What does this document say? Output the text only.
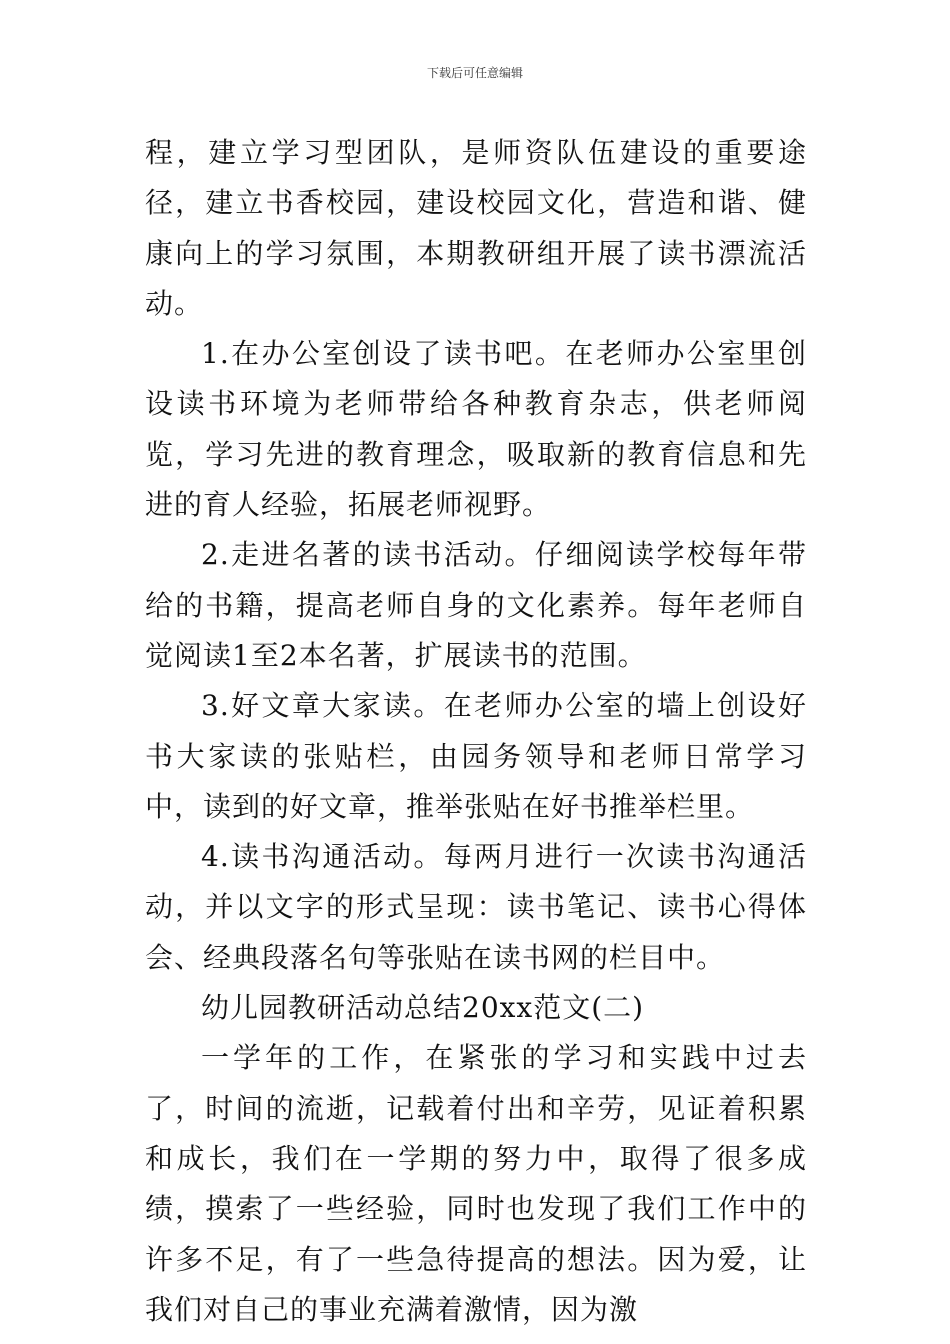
下载后可任意编辑

程，建立学习型团队，是师资队伍建设的重要途径，建立书香校园，建设校园文化，营造和谐、健康向上的学习氛围，本期教研组开展了读书漂流活动。

1.在办公室创设了读书吧。在老师办公室里创设读书环境为老师带给各种教育杂志，供老师阅览，学习先进的教育理念，吸取新的教育信息和先进的育人经验，拓展老师视野。

2.走进名著的读书活动。仔细阅读学校每年带给的书籍，提高老师自身的文化素养。每年老师自觉阅读1至2本名著，扩展读书的范围。

3.好文章大家读。在老师办公室的墙上创设好书大家读的张贴栏，由园务领导和老师日常学习中，读到的好文章，推举张贴在好书推举栏里。

4.读书沟通活动。每两月进行一次读书沟通活动，并以文字的形式呈现：读书笔记、读书心得体会、经典段落名句等张贴在读书网的栏目中。

幼儿园教研活动总结20xx范文(二)

一学年的工作，在紧张的学习和实践中过去了，时间的流逝，记载着付出和辛劳，见证着积累和成长，我们在一学期的努力中，取得了很多成绩，摸索了一些经验，同时也发现了我们工作中的许多不足，有了一些急待提高的想法。因为爱，让我们对自己的事业充满着激情，因为激
